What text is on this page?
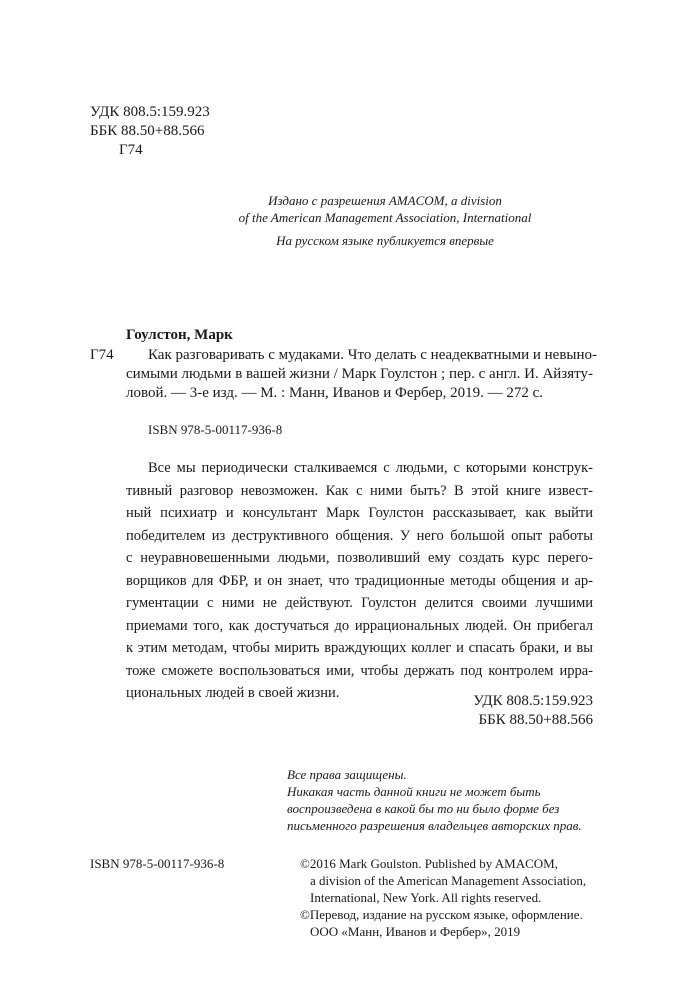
УДК 808.5:159.923
ББК 88.50+88.566
Г74
Издано с разрешения AMACOM, a division
of the American Management Association, International
На русском языке публикуется впервые
Гоулстон, Марк
Г74	Как разговаривать с мудаками. Что делать с неадекватными и невыно-
симыми людьми в вашей жизни / Марк Гоулстон ; пер. с англ. И. Айзяту-
ловой. — 3-е изд. — М. : Манн, Иванов и Фербер, 2019. — 272 с.
ISBN 978-5-00117-936-8
Все мы периодически сталкиваемся с людьми, с которыми конструк-
тивный разговор невозможен. Как с ними быть? В этой книге извест-
ный психиатр и консультант Марк Гоулстон рассказывает, как выйти
победителем из деструктивного общения. У него большой опыт работы
с неуравновешенными людьми, позволивший ему создать курс перего-
ворщиков для ФБР, и он знает, что традиционные методы общения и ар-
гументации с ними не действуют. Гоулстон делится своими лучшими
приемами того, как достучаться до иррациональных людей. Он прибегал
к этим методам, чтобы мирить враждующих коллег и спасать браки, и вы
тоже сможете воспользоваться ими, чтобы держать под контролем ирра-
циональных людей в своей жизни.	УДК 808.5:159.923
ББК 88.50+88.566
Все права защищены.
Никакая часть данной книги не может быть
воспроизведена в какой бы то ни было форме без
письменного разрешения владельцев авторских прав.
ISBN 978-5-00117-936-8	©2016 Mark Goulston. Published by AMACOM,
a division of the American Management Association,
International, New York. All rights reserved.
©Перевод, издание на русском языке, оформление.
ООО «Манн, Иванов и Фербер», 2019
